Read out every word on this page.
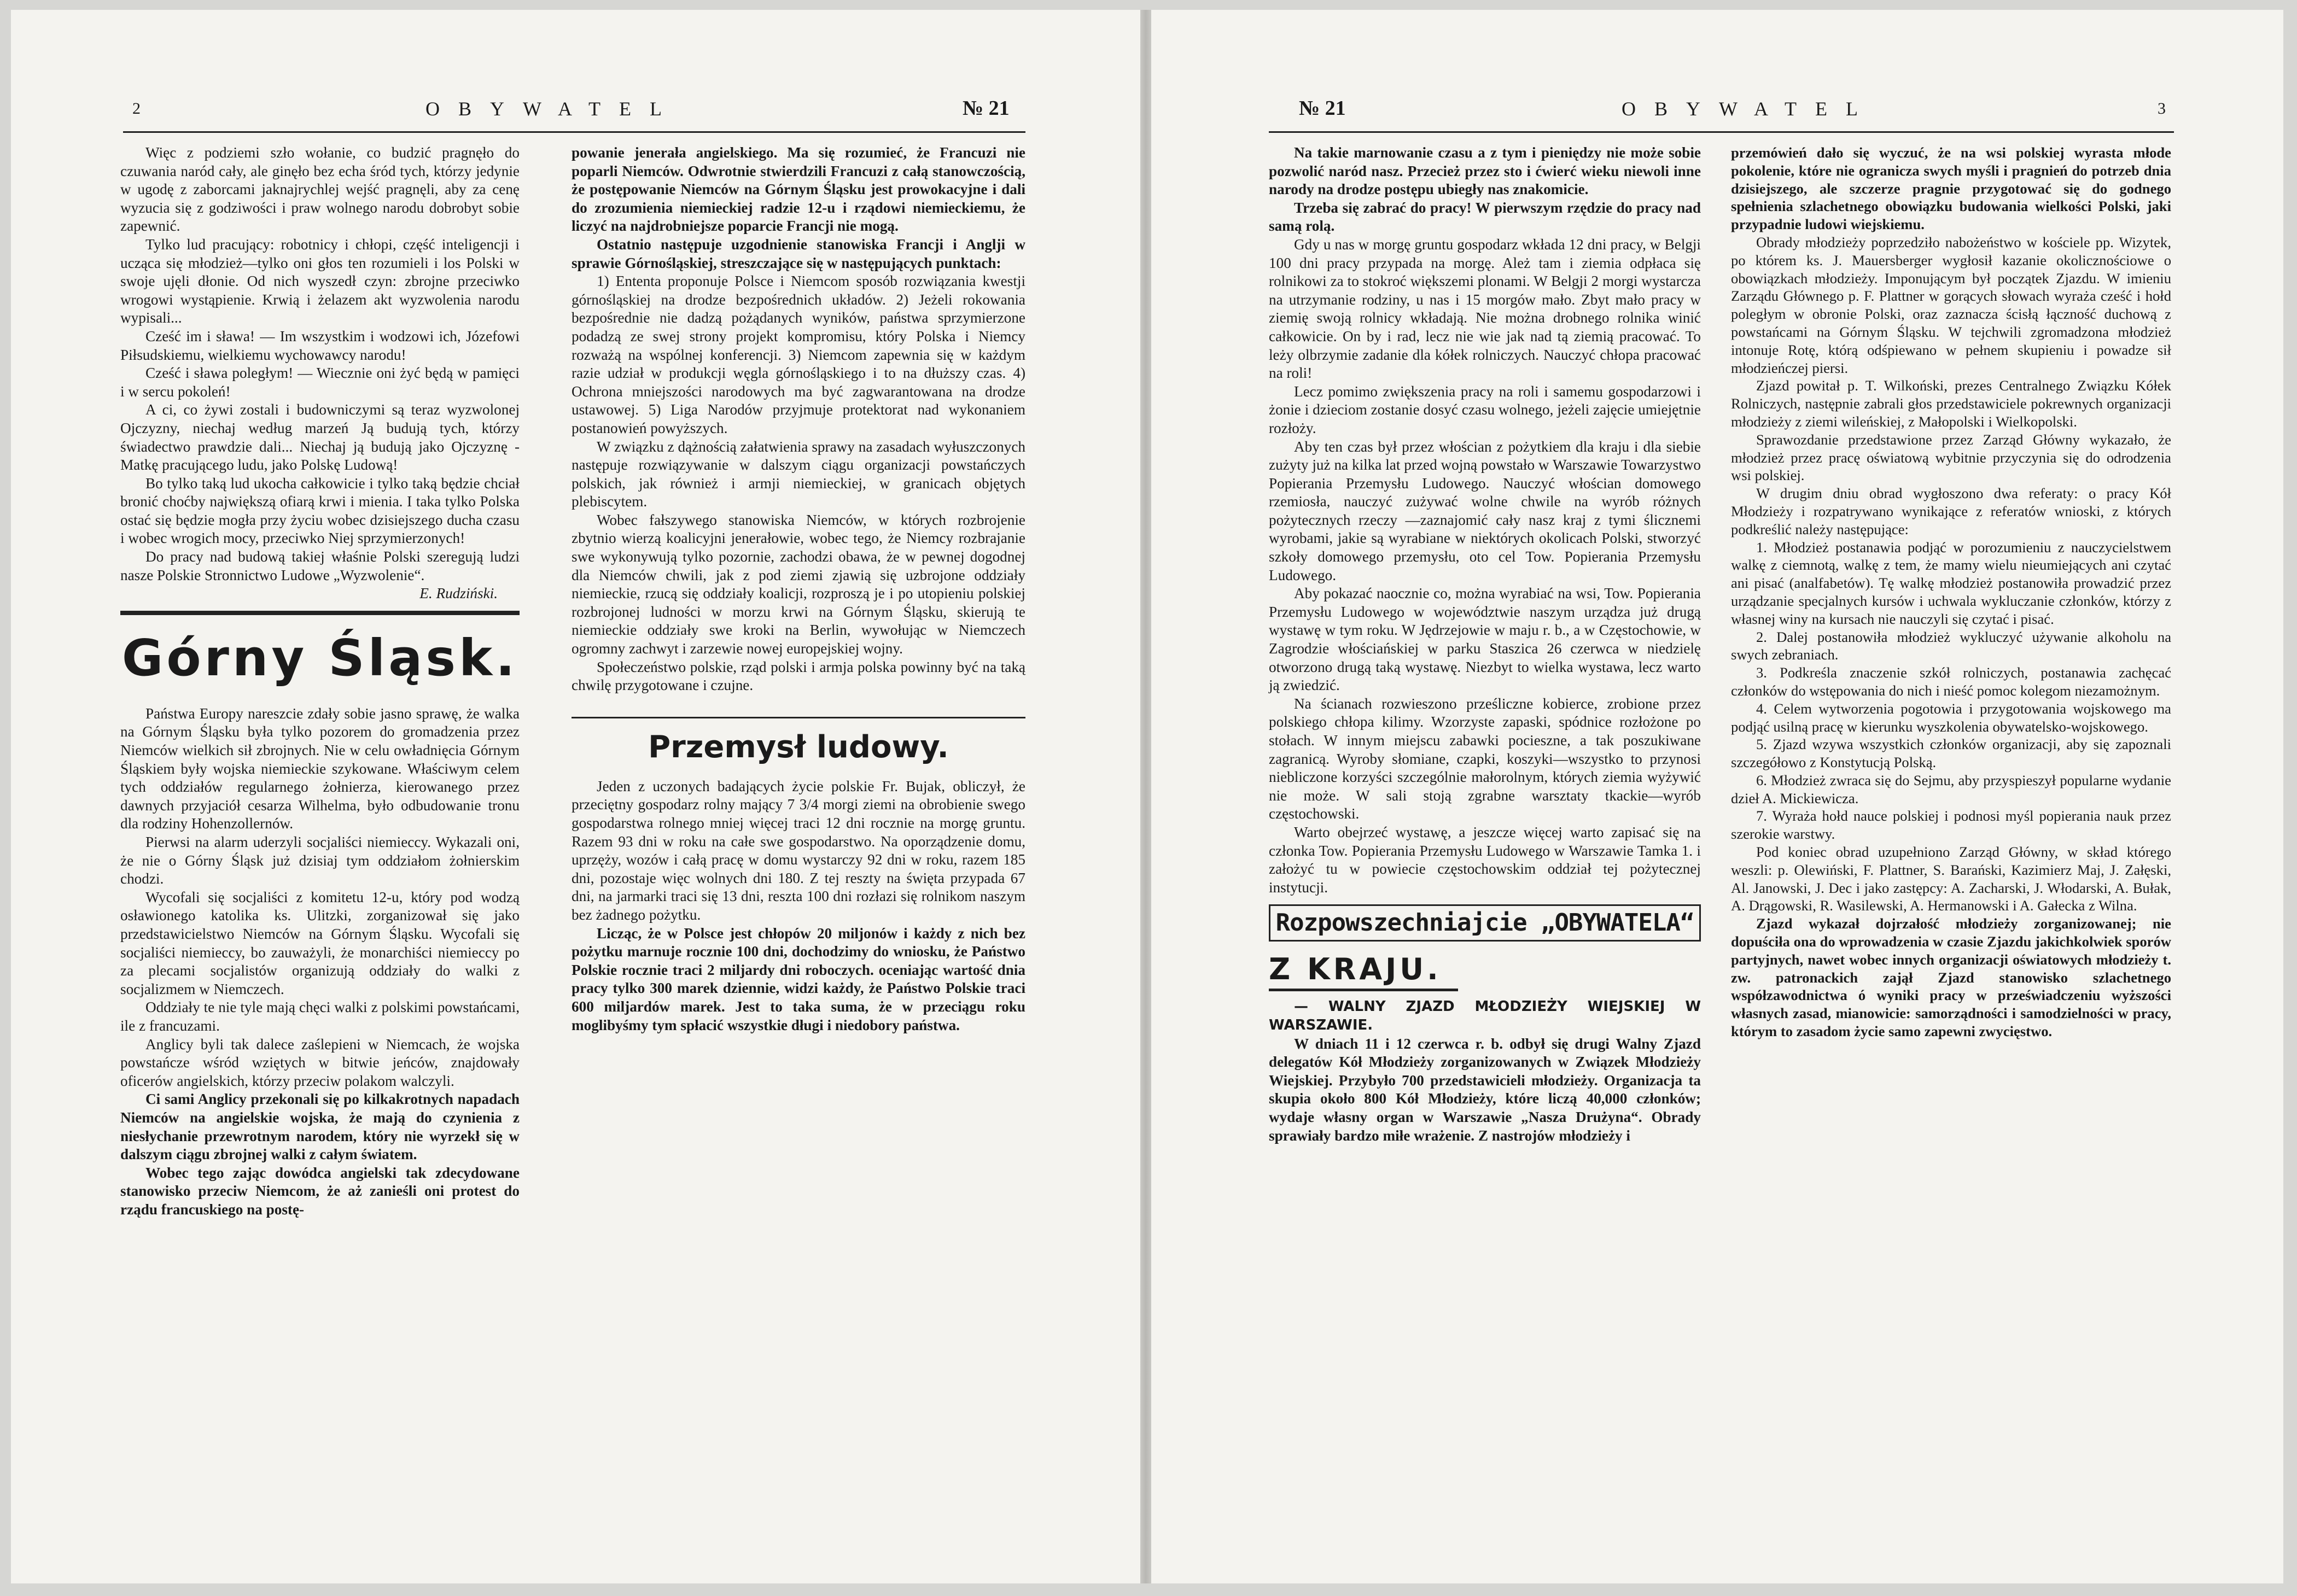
2	OBYWATEL	№ 21

Więc z podziemi szło wołanie, co budzić pragnęło do czuwania naród cały, ale ginęło bez echa śród tych, którzy jedynie w ugodę z zaborcami jaknajrychlej wejść pragnęli, aby za cenę wyzucia się z godziwości i praw wolnego narodu dobrobyt sobie zapewnić.

Tylko lud pracujący: robotnicy i chłopi, część inteligencji i ucząca się młodzież—tylko oni głos ten rozumieli i los Polski w swoje ujęli dłonie. Od nich wyszedł czyn: zbrojne przeciwko wrogowi wystąpienie. Krwią i żelazem akt wyzwolenia narodu wypisali...

Cześć im i sława! — Im wszystkim i wodzowi ich, Józefowi Piłsudskiemu, wielkiemu wychowawcy narodu!

Cześć i sława poległym! — Wiecznie oni żyć będą w pamięci i w sercu pokoleń!

A ci, co żywi zostali i budowniczymi są teraz wyzwolonej Ojczyzny, niechaj według marzeń Ją budują tych, którzy świadectwo prawdzie dali... Niechaj ją budują jako Ojczyznę - Matkę pracującego ludu, jako Polskę Ludową!

Bo tylko taką lud ukocha całkowicie i tylko taką będzie chciał bronić choćby największą ofiarą krwi i mienia. I taka tylko Polska ostać się będzie mogła przy życiu wobec dzisiejszego ducha czasu i wobec wrogich mocy, przeciwko Niej sprzymierzonych!

Do pracy nad budową takiej właśnie Polski szeregują ludzi nasze Polskie Stronnictwo Ludowe „Wyzwolenie“.

E. Rudziński.

Górny Śląsk.

Państwa Europy nareszcie zdały sobie jasno sprawę, że walka na Górnym Śląsku była tylko pozorem do gromadzenia przez Niemców wielkich sił zbrojnych. Nie w celu owładnięcia Górnym Śląskiem były wojska niemieckie szykowane. Właściwym celem tych oddziałów regularnego żołnierza, kierowanego przez dawnych przyjaciół cesarza Wilhelma, było odbudowanie tronu dla rodziny Hohenzollernów.

Pierwsi na alarm uderzyli socjaliści niemieccy. Wykazali oni, że nie o Górny Śląsk już dzisiaj tym oddziałom żołnierskim chodzi.

Wycofali się socjaliści z komitetu 12-u, który pod wodzą osławionego katolika ks. Ulitzki, zorganizował się jako przedstawicielstwo Niemców na Górnym Śląsku. Wycofali się socjaliści niemieccy, bo zauważyli, że monarchiści niemieccy po za plecami socjalistów organizują oddziały do walki z socjalizmem w Niemczech.

Oddziały te nie tyle mają chęci walki z polskimi powstańcami, ile z francuzami.

Anglicy byli tak dalece zaślepieni w Niemcach, że wojska powstańcze wśród wziętych w bitwie jeńców, znajdowały oficerów angielskich, którzy przeciw polakom walczyli.

Ci sami Anglicy przekonali się po kilkakrotnych napadach Niemców na angielskie wojska, że mają do czynienia z niesłychanie przewrotnym narodem, który nie wyrzekł się w dalszym ciągu zbrojnej walki z całym światem.

Wobec tego zając dowódca angielski tak zdecydowane stanowisko przeciw Niemcom, że aż zanieśli oni protest do rządu francuskiego na postę-

powanie jenerała angielskiego. Ma się rozumieć, że Francuzi nie poparli Niemców. Odwrotnie stwierdzili Francuzi z całą stanowczością, że postępowanie Niemców na Górnym Śląsku jest prowokacyjne i dali do zrozumienia niemieckiej radzie 12-u i rządowi niemieckiemu, że liczyć na najdrobniejsze poparcie Francji nie mogą.

Ostatnio następuje uzgodnienie stanowiska Francji i Anglji w sprawie Górnośląskiej, streszczające się w następujących punktach:

1) Ententa proponuje Polsce i Niemcom sposób rozwiązania kwestji górnośląskiej na drodze bezpośrednich układów. 2) Jeżeli rokowania bezpośrednie nie dadzą pożądanych wyników, państwa sprzymierzone podadzą ze swej strony projekt kompromisu, który Polska i Niemcy rozważą na wspólnej konferencji. 3) Niemcom zapewnia się w każdym razie udział w produkcji węgla górnośląskiego i to na dłuższy czas. 4) Ochrona mniejszości narodowych ma być zagwarantowana na drodze ustawowej. 5) Liga Narodów przyjmuje protektorat nad wykonaniem postanowień powyższych.

W związku z dążnością załatwienia sprawy na zasadach wyłuszczonych następuje rozwiązywanie w dalszym ciągu organizacji powstańczych polskich, jak również i armji niemieckiej, w granicach objętych plebiscytem.

Wobec fałszywego stanowiska Niemców, w których rozbrojenie zbytnio wierzą koalicyjni jenerałowie, wobec tego, że Niemcy rozbrajanie swe wykonywują tylko pozornie, zachodzi obawa, że w pewnej dogodnej dla Niemców chwili, jak z pod ziemi zjawią się uzbrojone oddziały niemieckie, rzucą się oddziały koalicji, rozproszą je i po utopieniu polskiej rozbrojonej ludności w morzu krwi na Górnym Śląsku, skierują te niemieckie oddziały swe kroki na Berlin, wywołując w Niemczech ogromny zachwyt i zarzewie nowej europejskiej wojny.

Społeczeństwo polskie, rząd polski i armja polska powinny być na taką chwilę przygotowane i czujne.

Przemysł ludowy.

Jeden z uczonych badających życie polskie Fr. Bujak, obliczył, że przeciętny gospodarz rolny mający 7 3/4 morgi ziemi na obrobienie swego gospodarstwa rolnego mniej więcej traci 12 dni rocznie na morgę gruntu. Razem 93 dni w roku na całe swe gospodarstwo. Na oporządzenie domu, uprzęży, wozów i całą pracę w domu wystarczy 92 dni w roku, razem 185 dni, pozostaje więc wolnych dni 180. Z tej reszty na święta przypada 67 dni, na jarmarki traci się 13 dni, reszta 100 dni rozłazi się rolnikom naszym bez żadnego pożytku.

Licząc, że w Polsce jest chłopów 20 miljonów i każdy z nich bez pożytku marnuje rocznie 100 dni, dochodzimy do wniosku, że Państwo Polskie rocznie traci 2 miljardy dni roboczych. oceniając wartość dnia pracy tylko 300 marek dziennie, widzi każdy, że Państwo Polskie traci 600 miljardów marek. Jest to taka suma, że w przeciągu roku moglibyśmy tym spłacić wszystkie długi i niedobory państwa.

№ 21	OBYWATEL	3

Na takie marnowanie czasu a z tym i pieniędzy nie może sobie pozwolić naród nasz. Przecież przez sto i ćwierć wieku niewoli inne narody na drodze postępu ubiegły nas znakomicie.

Trzeba się zabrać do pracy! W pierwszym rzędzie do pracy nad samą rolą.

Gdy u nas w morgę gruntu gospodarz wkłada 12 dni pracy, w Belgji 100 dni pracy przypada na morgę. Ależ tam i ziemia odpłaca się rolnikowi za to stokroć większemi plonami. W Belgji 2 morgi wystarcza na utrzymanie rodziny, u nas i 15 morgów mało. Zbyt mało pracy w ziemię swoją rolnicy wkładają. Nie można drobnego rolnika winić całkowicie. On by i rad, lecz nie wie jak nad tą ziemią pracować. To leży olbrzymie zadanie dla kółek rolniczych. Nauczyć chłopa pracować na roli!

Lecz pomimo zwiększenia pracy na roli i samemu gospodarzowi i żonie i dzieciom zostanie dosyć czasu wolnego, jeżeli zajęcie umiejętnie rozłoży.

Aby ten czas był przez włościan z pożytkiem dla kraju i dla siebie zużyty już na kilka lat przed wojną powstało w Warszawie Towarzystwo Popierania Przemysłu Ludowego. Nauczyć włościan domowego rzemiosła, nauczyć zużywać wolne chwile na wyrób różnych pożytecznych rzeczy —zaznajomić cały nasz kraj z tymi ślicznemi wyrobami, jakie są wyrabiane w niektórych okolicach Polski, stworzyć szkoły domowego przemysłu, oto cel Tow. Popierania Przemysłu Ludowego.

Aby pokazać naocznie co, można wyrabiać na wsi, Tow. Popierania Przemysłu Ludowego w województwie naszym urządza już drugą wystawę w tym roku. W Jędrzejowie w maju r. b., a w Częstochowie, w Zagrodzie włościańskiej w parku Staszica 26 czerwca w niedzielę otworzono drugą taką wystawę. Niezbyt to wielka wystawa, lecz warto ją zwiedzić.

Na ścianach rozwieszono prześliczne kobierce, zrobione przez polskiego chłopa kilimy. Wzorzyste zapaski, spódnice rozłożone po stołach. W innym miejscu zabawki pocieszne, a tak poszukiwane zagranicą. Wyroby słomiane, czapki, koszyki—wszystko to przynosi niebliczone korzyści szczególnie małorolnym, których ziemia wyżywić nie może. W sali stoją zgrabne warsztaty tkackie—wyrób częstochowski.

Warto obejrzeć wystawę, a jeszcze więcej warto zapisać się na członka Tow. Popierania Przemysłu Ludowego w Warszawie Tamka 1. i założyć tu w powiecie częstochowskim oddział tej pożytecznej instytucji.

Rozpowszechniajcie „OBYWATELA“
Z KRAJU.

— WALNY ZJAZD MŁODZIEŻY WIEJSKIEJ W WARSZAWIE.

W dniach 11 i 12 czerwca r. b. odbył się drugi Walny Zjazd delegatów Kół Młodzieży zorganizowanych w Związek Młodzieży Wiejskiej. Przybyło 700 przedstawicieli młodzieży. Organizacja ta skupia około 800 Kół Młodzieży, które liczą 40,000 członków; wydaje własny organ w Warszawie „Nasza Drużyna“. Obrady sprawiały bardzo miłe wrażenie. Z nastrojów młodzieży i

przemówień dało się wyczuć, że na wsi polskiej wyrasta młode pokolenie, które nie ogranicza swych myśli i pragnień do potrzeb dnia dzisiejszego, ale szczerze pragnie przygotować się do godnego spełnienia szlachetnego obowiązku budowania wielkości Polski, jaki przypadnie ludowi wiejskiemu.

Obrady młodzieży poprzedziło nabożeństwo w kościele pp. Wizytek, po którem ks. J. Mauersberger wygłosił kazanie okolicznościowe o obowiązkach młodzieży. Imponującym był początek Zjazdu. W imieniu Zarządu Głównego p. F. Plattner w gorących słowach wyraża cześć i hołd poległym w obronie Polski, oraz zaznacza ścisłą łączność duchową z powstańcami na Górnym Śląsku. W tejchwili zgromadzona młodzież intonuje Rotę, którą odśpiewano w pełnem skupieniu i powadze sił młodzieńczej piersi.

Zjazd powitał p. T. Wilkoński, prezes Centralnego Związku Kółek Rolniczych, następnie zabrali głos przedstawiciele pokrewnych organizacji młodzieży z ziemi wileńskiej, z Małopolski i Wielkopolski.

Sprawozdanie przedstawione przez Zarząd Główny wykazało, że młodzież przez pracę oświatową wybitnie przyczynia się do odrodzenia wsi polskiej.

W drugim dniu obrad wygłoszono dwa referaty: o pracy Kół Młodzieży i rozpatrywano wynikające z referatów wnioski, z których podkreślić należy następujące:

1. Młodzież postanawia podjąć w porozumieniu z nauczycielstwem walkę z ciemnotą, walkę z tem, że mamy wielu nieumiejących ani czytać ani pisać (analfabetów). Tę walkę młodzież postanowiła prowadzić przez urządzanie specjalnych kursów i uchwala wykluczanie członków, którzy z własnej winy na kursach nie nauczyli się czytać i pisać.

2. Dalej postanowiła młodzież wykluczyć używanie alkoholu na swych zebraniach.

3. Podkreśla znaczenie szkół rolniczych, postanawia zachęcać członków do wstępowania do nich i nieść pomoc kolegom niezamożnym.

4. Celem wytworzenia pogotowia i przygotowania wojskowego ma podjąć usilną pracę w kierunku wyszkolenia obywatelsko-wojskowego.

5. Zjazd wzywa wszystkich członków organizacji, aby się zapoznali szczegółowo z Konstytucją Polską.

6. Młodzież zwraca się do Sejmu, aby przyspieszył popularne wydanie dzieł A. Mickiewicza.

7. Wyraża hołd nauce polskiej i podnosi myśl popierania nauk przez szerokie warstwy.

Pod koniec obrad uzupełniono Zarząd Główny, w skład którego weszli: p. Olewiński, F. Plattner, S. Barański, Kazimierz Maj, J. Załęski, Al. Janowski, J. Dec i jako zastępcy: A. Zacharski, J. Włodarski, A. Bułak, A. Drągowski, R. Wasilewski, A. Hermanowski i A. Gałecka z Wilna.

Zjazd wykazał dojrzałość młodzieży zorganizowanej; nie dopuściła ona do wprowadzenia w czasie Zjazdu jakichkolwiek sporów partyjnych, nawet wobec innych organizacji oświatowych młodzieży t. zw. patronackich zajął Zjazd stanowisko szlachetnego współzawodnictwa ó wyniki pracy w przeświadczeniu wyższości własnych zasad, mianowicie: samorządności i samodzielności w pracy, którym to zasadom życie samo zapewni zwycięstwo.
